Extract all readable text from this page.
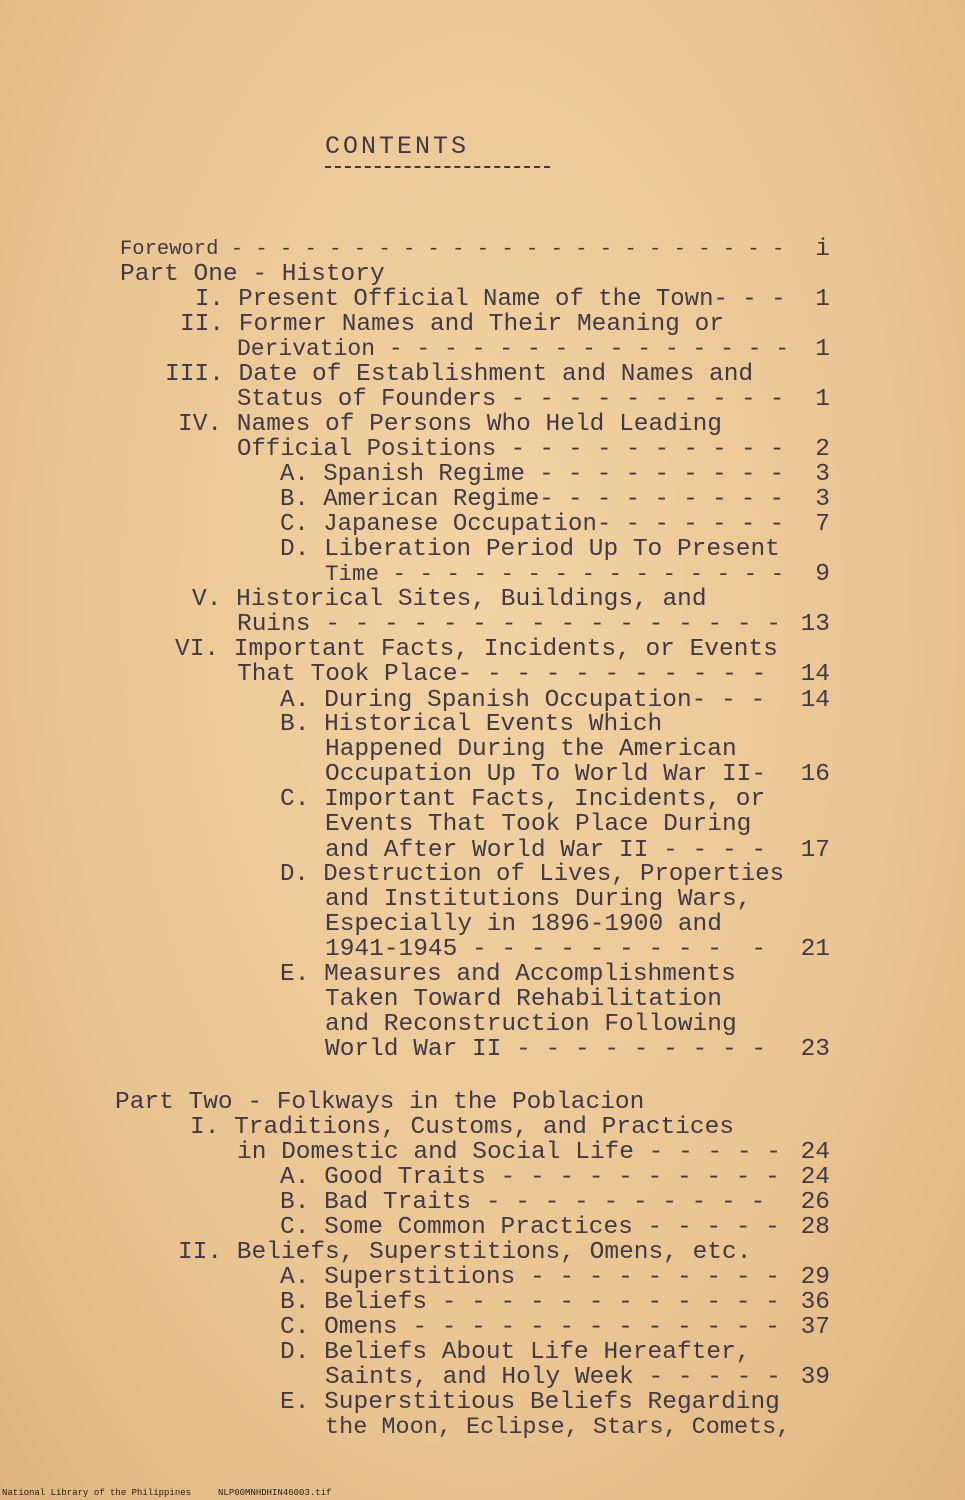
CONTENTS
Foreword - - - - - - - - - - - - - - - - - - - - - - - i
Part One - History
I. Present Official Name of the Town- - - 1
II. Former Names and Their Meaning or
Derivation - - - - - - - - - - - - - - - 1
III. Date of Establishment and Names and
Status of Founders - - - - - - - - - - 1
IV. Names of Persons Who Held Leading
Official Positions - - - - - - - - - - 2
A. Spanish Regime - - - - - - - - - 3
B. American Regime- - - - - - - - - 3
C. Japanese Occupation- - - - - - - 7
D. Liberation Period Up To Present
Time - - - - - - - - - - - - - - - 9
V. Historical Sites, Buildings, and
Ruins - - - - - - - - - - - - - - - - 13
VI. Important Facts, Incidents, or Events
That Took Place- - - - - - - - - - - 14
A. During Spanish Occupation- - - 14
B. Historical Events Which
Happened During the American
Occupation Up To World War II- 16
C. Important Facts, Incidents, or
Events That Took Place During
and After World War II - - - - 17
D. Destruction of Lives, Properties
and Institutions During Wars,
Especially in 1896-1900 and
1941-1945 - - - - - - - - -  - 21
E. Measures and Accomplishments
Taken Toward Rehabilitation
and Reconstruction Following
World War II - - - - - - - - - 23
Part Two - Folkways in the Poblacion
I. Traditions, Customs, and Practices
in Domestic and Social Life - - - - - 24
A. Good Traits - - - - - - - - - - 24
B. Bad Traits - - - - - - - - - - 26
C. Some Common Practices - - - - - 28
II. Beliefs, Superstitions, Omens, etc.
A. Superstitions - - - - - - - - - 29
B. Beliefs - - - - - - - - - - - - 36
C. Omens - - - - - - - - - - - - - 37
D. Beliefs About Life Hereafter,
Saints, and Holy Week - - - - - 39
E. Superstitious Beliefs Regarding
the Moon, Eclipse, Stars, Comets,
National Library of the Philippines     NLP00MNHDHIN46003.tif
